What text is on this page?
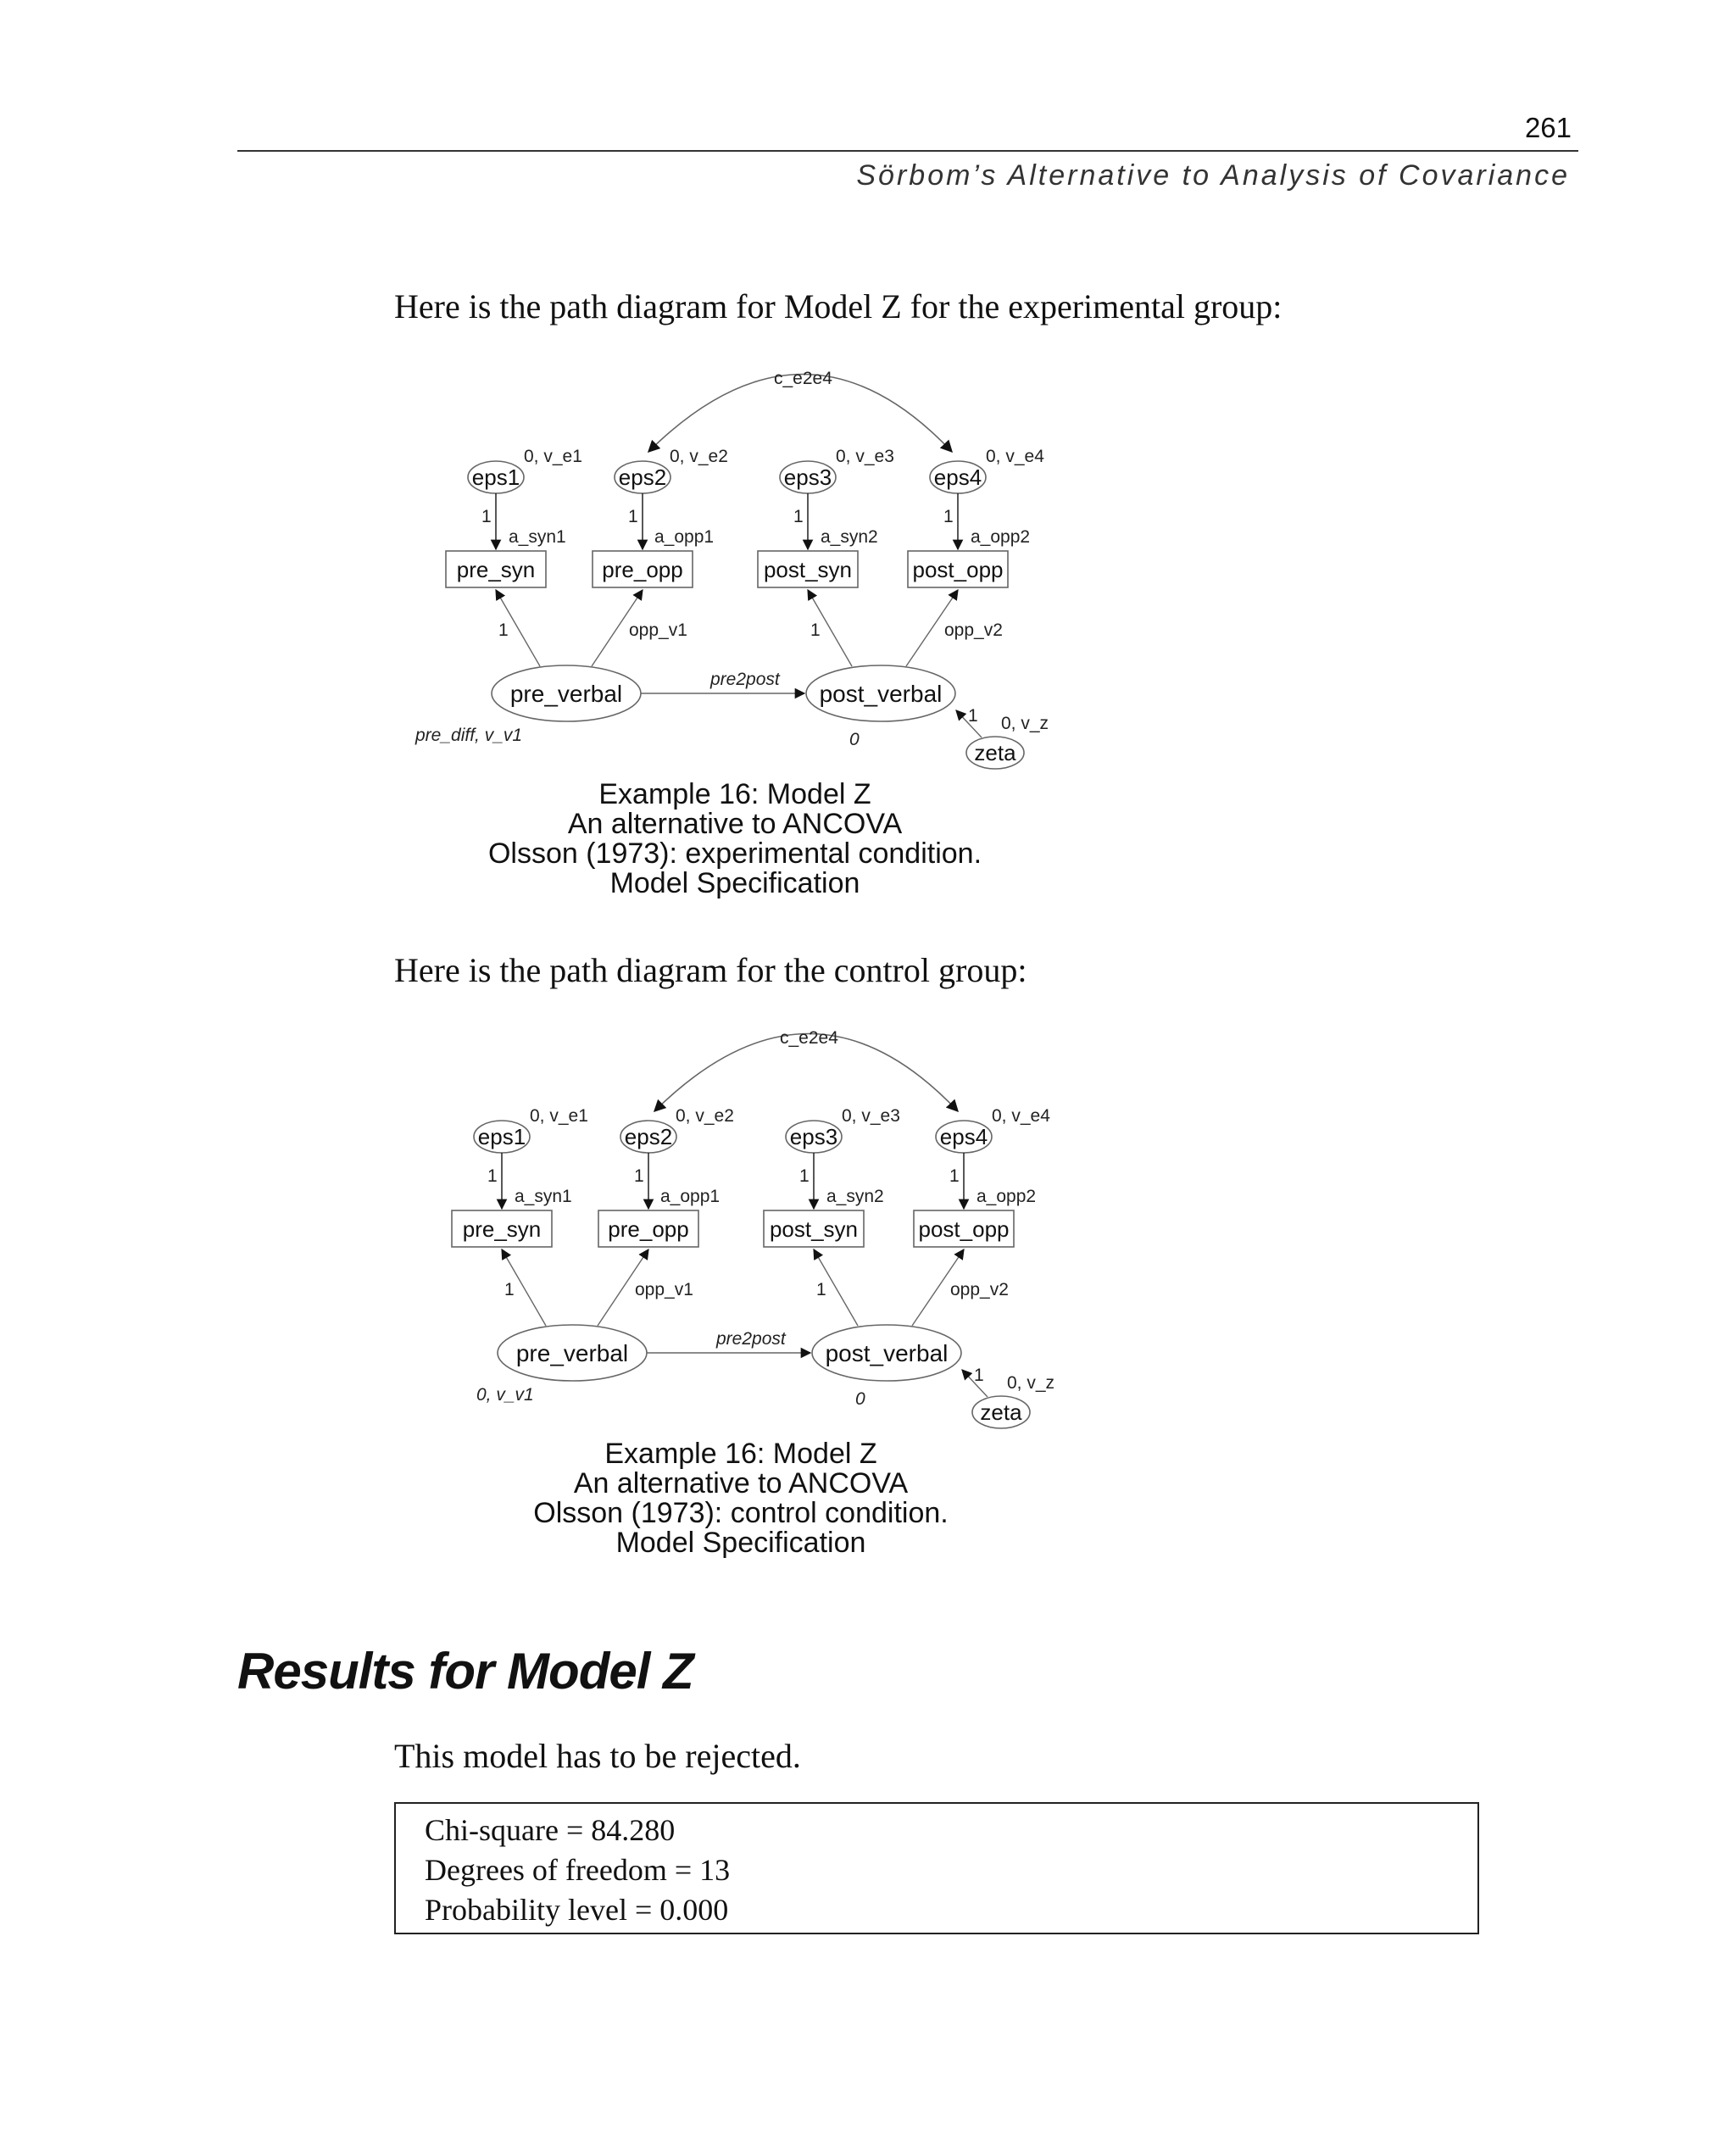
261
Sörbom’s Alternative to Analysis of Covariance
Here is the path diagram for Model Z for the experimental group:
c_e2e4
eps1	eps2	eps3	eps4
0, v_e1	0, v_e2	0, v_e3	0, v_e4
1	1	1	1
a_syn1	a_opp1	a_syn2	a_opp2
pre_syn	pre_opp	post_syn	post_opp
1	opp_v1	1	opp_v2
pre_verbal	post_verbal
pre2post
pre_diff, v_v1	0
zeta
1 0, v_z
Example 16: Model Z
An alternative to ANCOVA
Olsson (1973): experimental condition.
Model Specification
Here is the path diagram for the control group:
c_e2e4
eps1	eps2	eps3	eps4
0, v_e1	0, v_e2	0, v_e3	0, v_e4
1	1	1	1
a_syn1	a_opp1	a_syn2	a_opp2
pre_syn	pre_opp	post_syn	post_opp
1	opp_v1	1	opp_v2
pre_verbal	post_verbal
pre2post
0, v_v1	0
zeta
1 0, v_z
Example 16: Model Z
An alternative to ANCOVA
Olsson (1973): control condition.
Model Specification
Results for Model Z
This model has to be rejected.
Chi-square = 84.280
Degrees of freedom = 13
Probability level = 0.000
